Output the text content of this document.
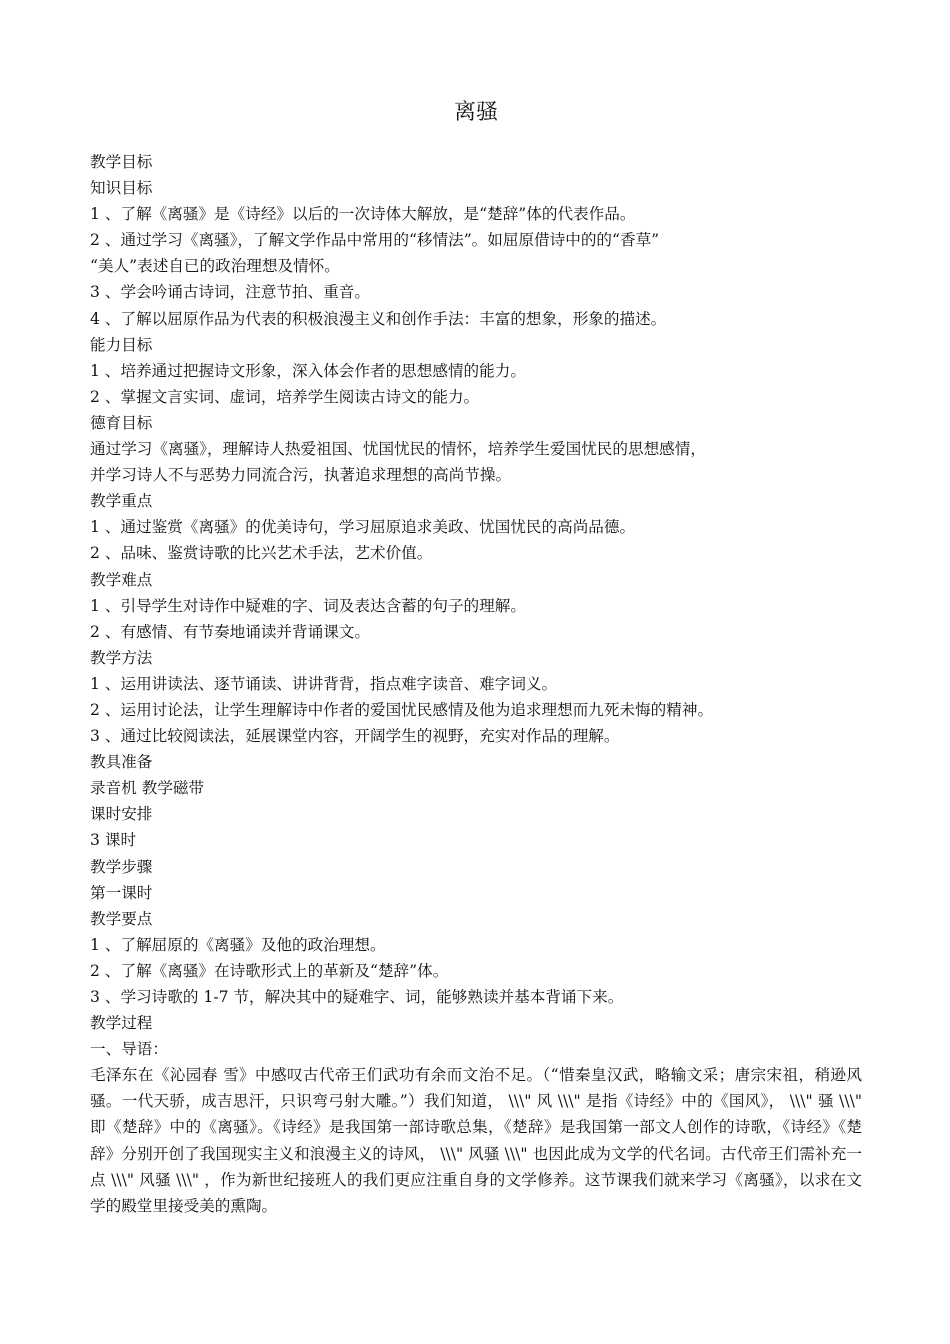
离骚

教学目标

知识目标

1 、了解《离骚》是《诗经》以后的一次诗体大解放，是“楚辞”体的代表作品。

2 、通过学习《离骚》，了解文学作品中常用的“移情法”。如屈原借诗中的的“香草”

“美人”表述自已的政治理想及情怀。

3 、学会吟诵古诗词，注意节拍、重音。

4 、了解以屈原作品为代表的积极浪漫主义和创作手法：丰富的想象，形象的描述。

能力目标

1 、培养通过把握诗文形象，深入体会作者的思想感情的能力。

2 、掌握文言实词、虚词，培养学生阅读古诗文的能力。

德育目标

通过学习《离骚》，理解诗人热爱祖国、忧国忧民的情怀，培养学生爱国忧民的思想感情，

并学习诗人不与恶势力同流合污，执著追求理想的高尚节操。

教学重点

1 、通过鉴赏《离骚》的优美诗句，学习屈原追求美政、忧国忧民的高尚品德。

2 、品味、鉴赏诗歌的比兴艺术手法，艺术价值。

教学难点

1 、引导学生对诗作中疑难的字、词及表达含蓄的句子的理解。

2 、有感情、有节奏地诵读并背诵课文。

教学方法

1 、运用讲读法、逐节诵读、讲讲背背，指点难字读音、难字词义。

2 、运用讨论法，让学生理解诗中作者的爱国忧民感情及他为追求理想而九死未悔的精神。

3 、通过比较阅读法，延展课堂内容，开阔学生的视野，充实对作品的理解。

教具准备

录音机 教学磁带

课时安排

3 课时

教学步骤

第一课时

教学要点

1 、了解屈原的《离骚》及他的政治理想。

2 、了解《离骚》在诗歌形式上的革新及“楚辞”体。

3 、学习诗歌的 1-7 节，解决其中的疑难字、词，能够熟读并基本背诵下来。

教学过程

一、导语：

毛泽东在《沁园春 雪》中感叹古代帝王们武功有余而文治不足。（“惜秦皇汉武，略输文采；唐宗宋祖，稍逊风骚。一代天骄，成吉思汗，只识弯弓射大雕。”）我们知道， \\\" 风 \\\" 是指《诗经》中的《国风》， \\\" 骚 \\\" 即《楚辞》中的《离骚》。《诗经》是我国第一部诗歌总集，《楚辞》是我国第一部文人创作的诗歌，《诗经》《楚辞》分别开创了我国现实主义和浪漫主义的诗风， \\\" 风骚 \\\" 也因此成为文学的代名词。古代帝王们需补充一点 \\\" 风骚 \\\" ，作为新世纪接班人的我们更应注重自身的文学修养。这节课我们就来学习《离骚》，以求在文学的殿堂里接受美的熏陶。
